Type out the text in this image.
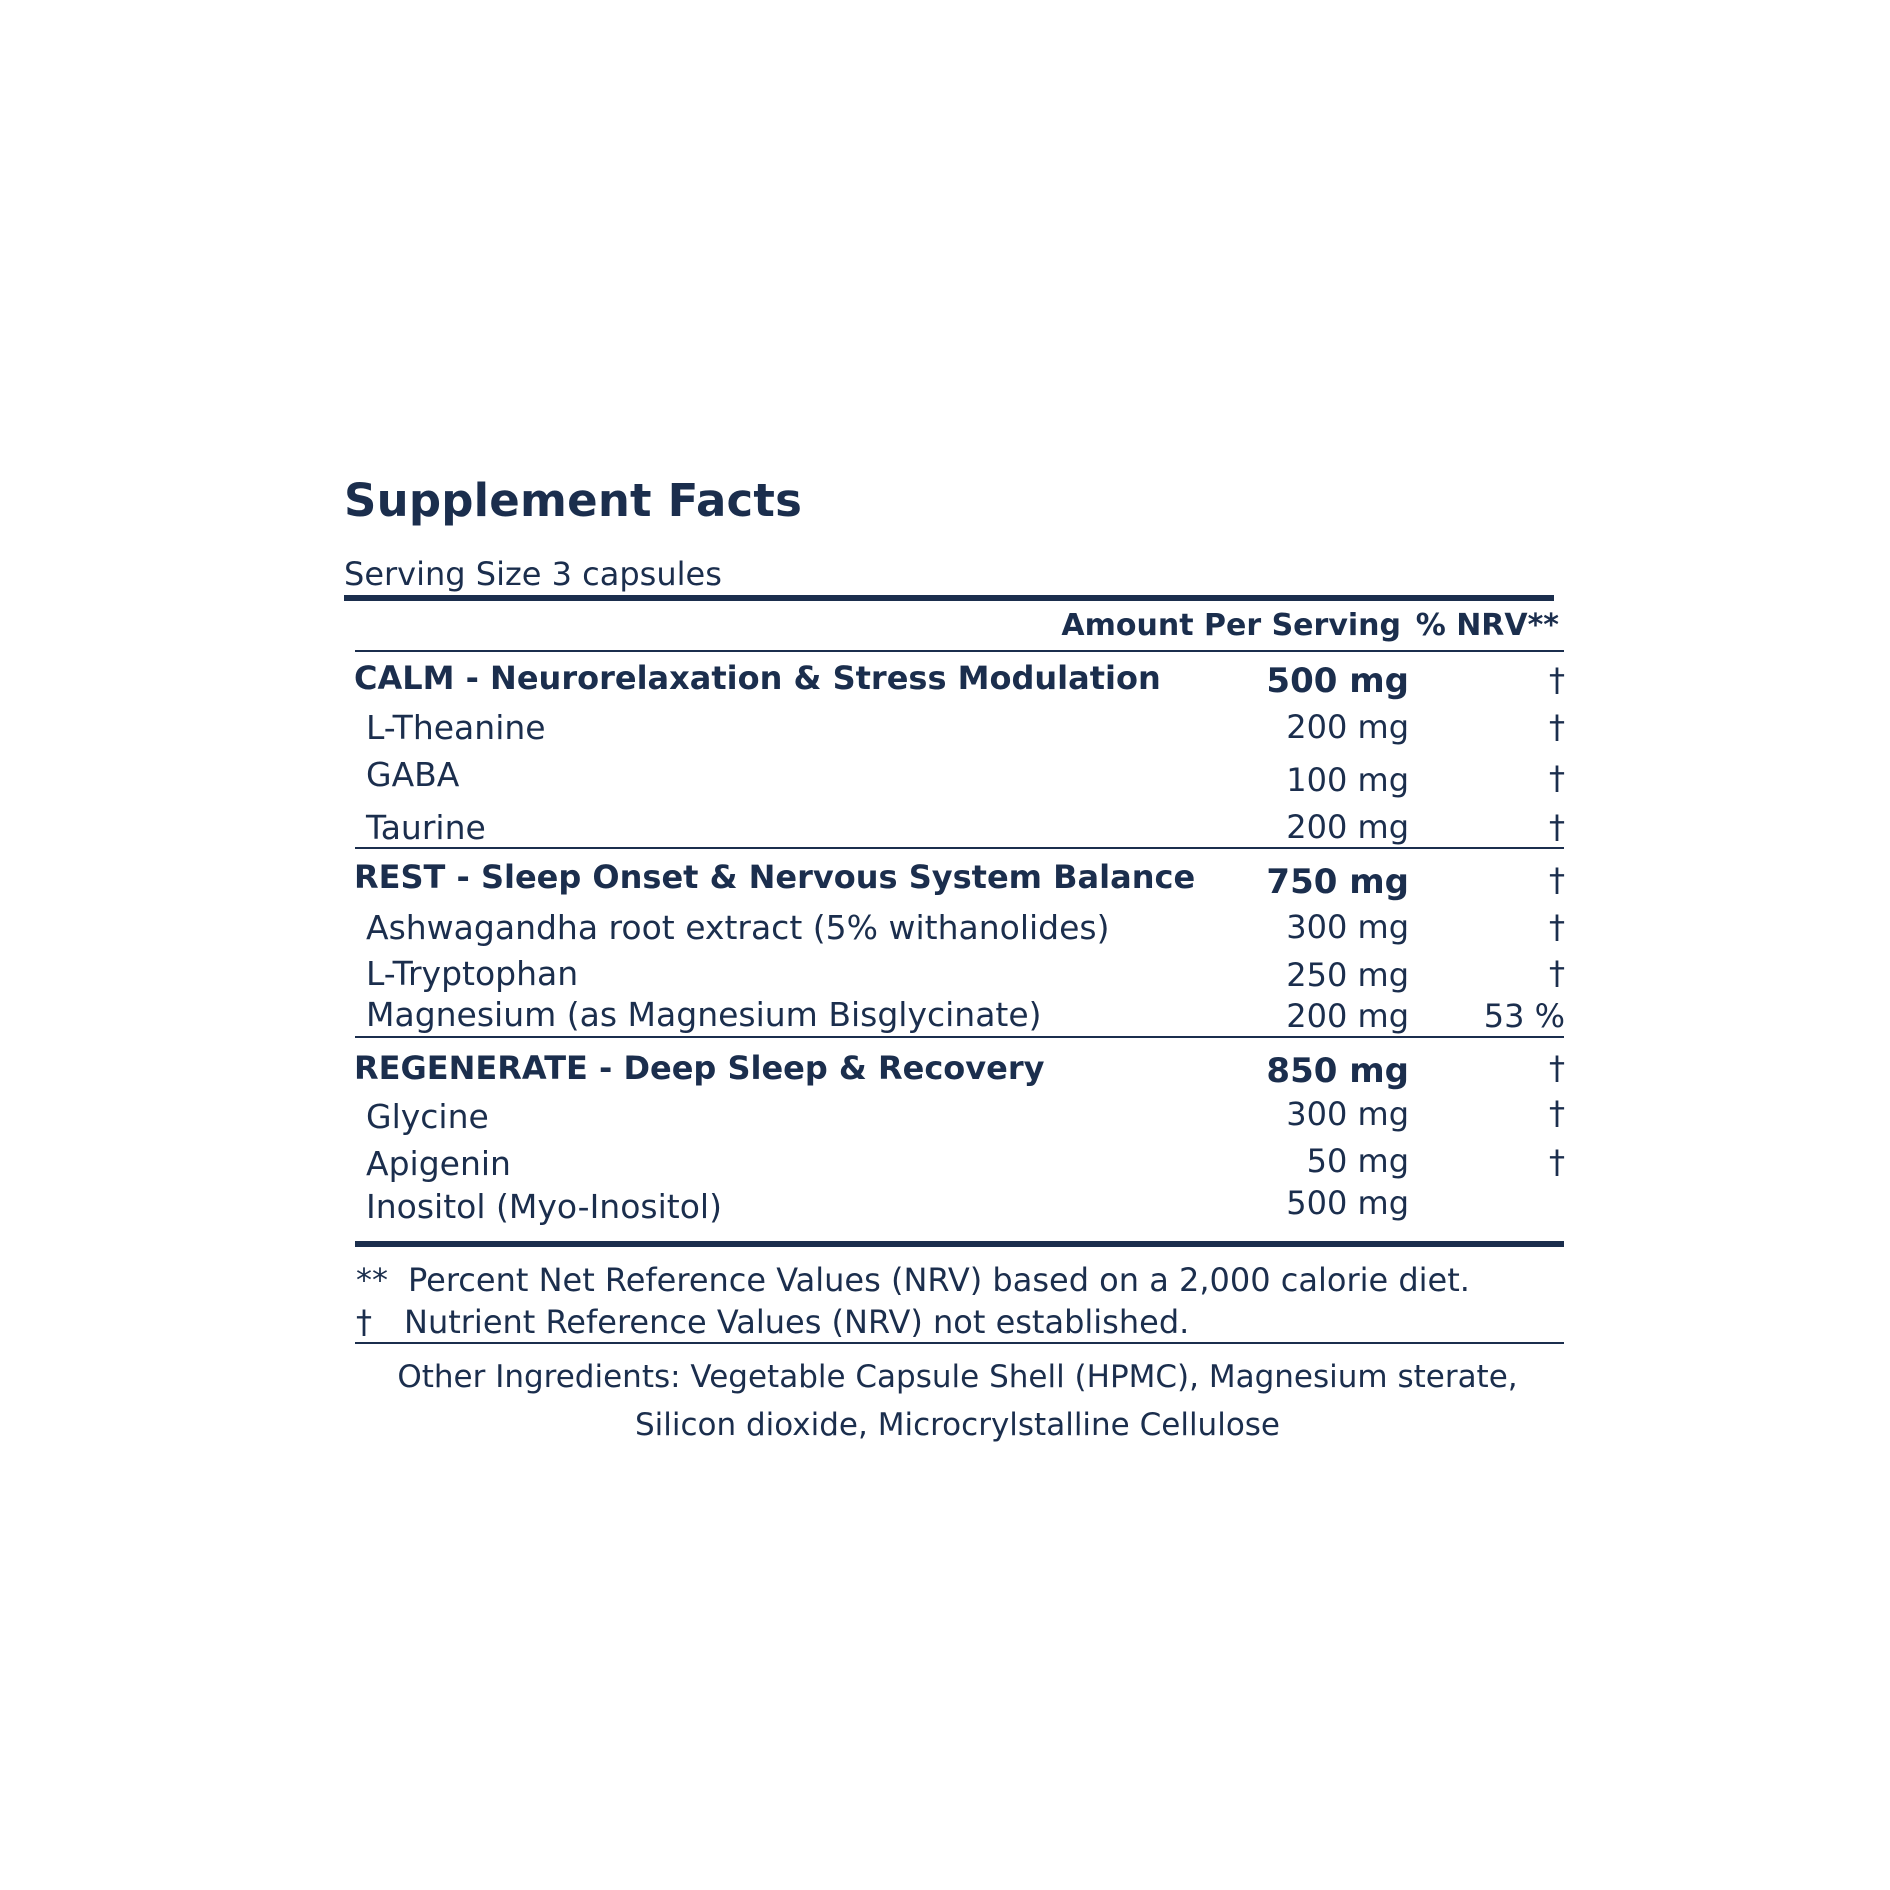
Supplement Facts
Serving Size 3 capsules
Amount Per Serving % NRV**
CALM - Neurorelaxation & Stress Modulation	500 mg	†
L-Theanine	200 mg	†
GABA	100 mg	†
Taurine	200 mg	†
REST - Sleep Onset & Nervous System Balance 750 mg	†
Ashwagandha root extract (5% withanolides)	300 mg	†
L-Tryptophan	250 mg	†
Magnesium (as Magnesium Bisglycinate)	200 mg 53 %
REGENERATE - Deep Sleep & Recovery	850 mg	†
Glycine	300 mg	†
Apigenin	50 mg	†
Inositol (Myo-Inositol)	500 mg
** Percent Net Reference Values (NRV) based on a 2,000 calorie diet.
† Nutrient Reference Values (NRV) not established.
Other Ingredients: Vegetable Capsule Shell (HPMC), Magnesium sterate,
Silicon dioxide, Microcrylstalline Cellulose
